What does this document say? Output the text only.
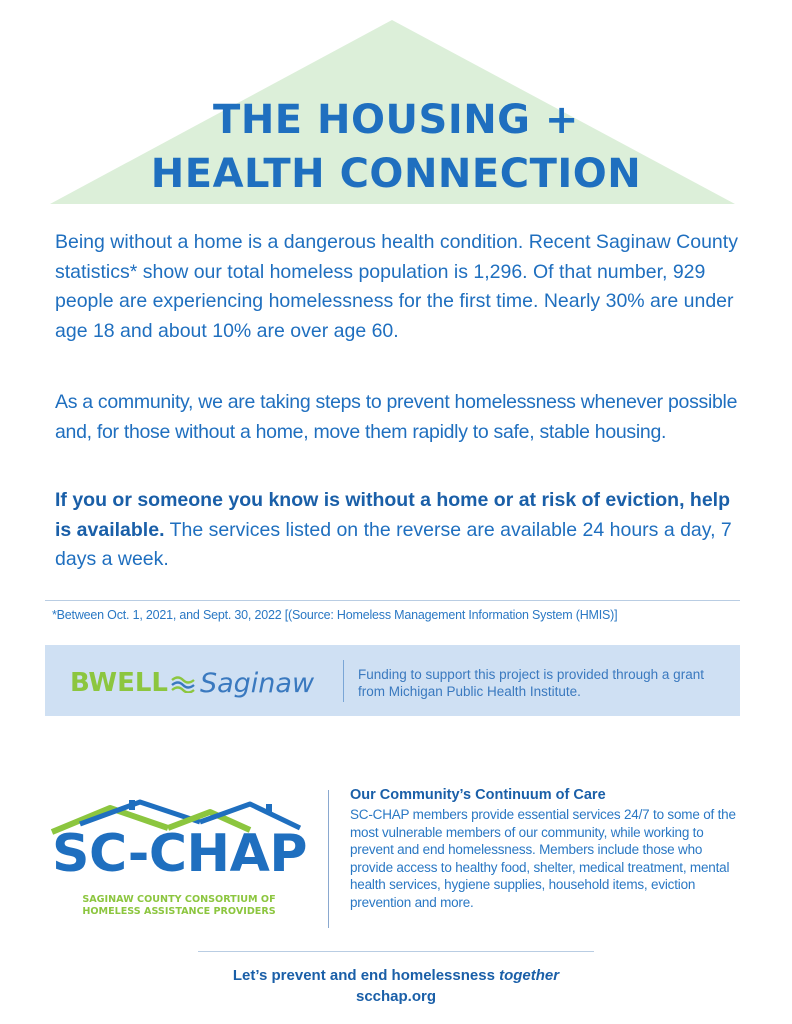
THE HOUSING +
HEALTH CONNECTION

Being without a home is a dangerous health condition. Recent Saginaw County statistics* show our total homeless population is 1,296. Of that number, 929 people are experiencing homelessness for the first time. Nearly 30% are under age 18 and about 10% are over age 60.

As a community, we are taking steps to prevent homelessness whenever possible and, for those without a home, move them rapidly to safe, stable housing.

If you or someone you know is without a home or at risk of eviction, help is available. The services listed on the reverse are available 24 hours a day, 7 days a week.

*Between Oct. 1, 2021, and Sept. 30, 2022 [(Source: Homeless Management Information System (HMIS)]
BWELL Saginaw	Funding to support this project is provided through a grant from Michigan Public Health Institute.
SC-CHAP
SAGINAW COUNTY CONSORTIUM OF
HOMELESS ASSISTANCE PROVIDERS
Our Community’s Continuum of Care
SC-CHAP members provide essential services 24/7 to some of the most vulnerable members of our community, while working to prevent and end homelessness. Members include those who provide access to healthy food, shelter, medical treatment, mental health services, hygiene supplies, household items, eviction prevention and more.
Let’s prevent and end homelessness together
scchap.org
